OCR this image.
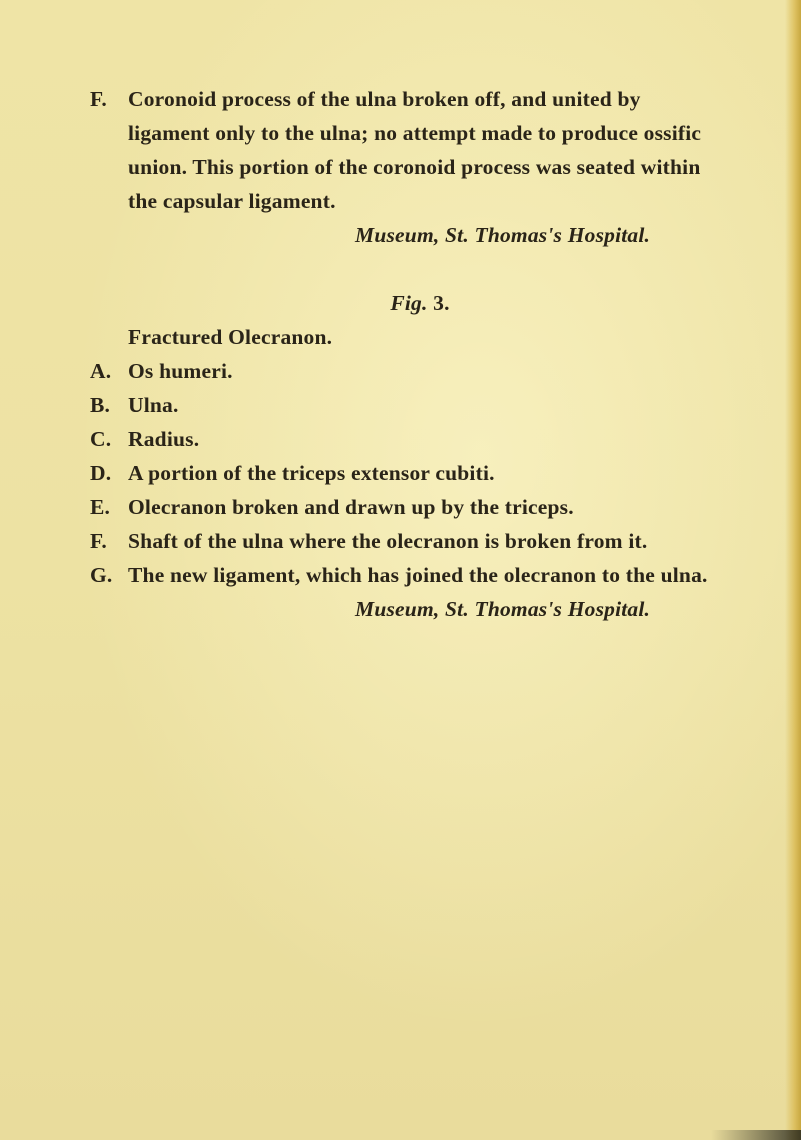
F. Coronoid process of the ulna broken off, and united by ligament only to the ulna; no attempt made to produce ossific union. This portion of the coronoid process was seated within the capsular ligament.
Museum, St. Thomas's Hospital.
Fig. 3.
Fractured Olecranon.
A. Os humeri.
B. Ulna.
C. Radius.
D. A portion of the triceps extensor cubiti.
E. Olecranon broken and drawn up by the triceps.
F. Shaft of the ulna where the olecranon is broken from it.
G. The new ligament, which has joined the olecranon to the ulna.
Museum, St. Thomas's Hospital.
